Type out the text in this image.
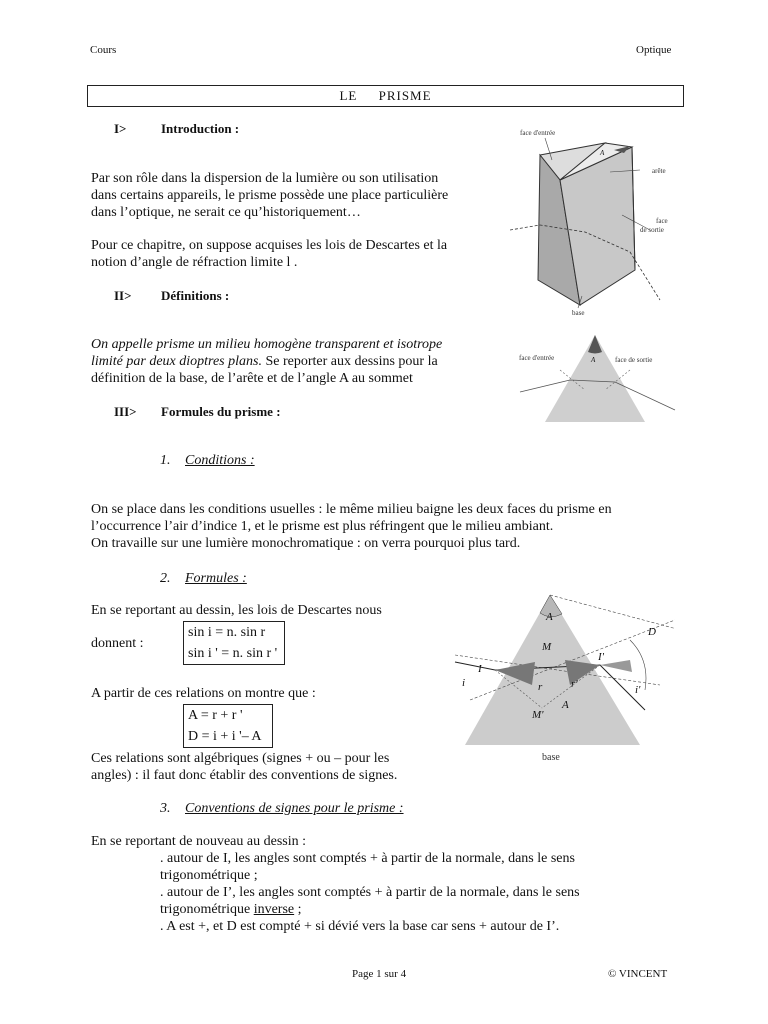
Cours	Optique
LE     PRISME
I>	Introduction :
Par son rôle dans la dispersion de la lumière ou son utilisation
dans certains appareils, le prisme possède une place particulière
dans l’optique, ne serait ce qu’historiquement…
Pour ce chapitre, on suppose acquises les lois de Descartes et la
notion d’angle de réfraction limite l .
II> Définitions :
On appelle prisme un milieu homogène transparent et isotrope
limité par deux dioptres plans. Se reporter aux dessins pour la
définition de la base, de l’arête et de l’angle A au sommet
III> Formules du prisme :
1. Conditions :
On se place dans les conditions usuelles : le même milieu baigne les deux faces du prisme en
l’occurrence l’air d’indice 1, et le prisme est plus réfringent que le milieu ambiant.
On travaille sur une lumière monochromatique : on verra pourquoi plus tard.
2. Formules :
En se reportant au dessin, les lois de Descartes nous
donnent :
sin i = n. sin r
sin i ' = n. sin r '
A partir de ces relations on montre que :
A = r + r '
D = i + i '– A
Ces relations sont algébriques (signes + ou – pour les
angles) : il faut donc établir des conventions de signes.
3. Conventions de signes pour le prisme :
En se reportant de nouveau au dessin :
. autour de I, les angles sont comptés + à partir de la normale, dans le sens
trigonométrique ;
. autour de I’, les angles sont comptés + à partir de la normale, dans le sens
trigonométrique inverse ;
. A est +, et D est compté + si dévié vers la base car sens + autour de I’.
Page 1 sur 4	© VINCENT
face d'entrée
A
arête
face
de sortie
base
face d'entrée	A	face de sortie
A
M
D
I
I'
i
i'
r	r'
M'
A
base
